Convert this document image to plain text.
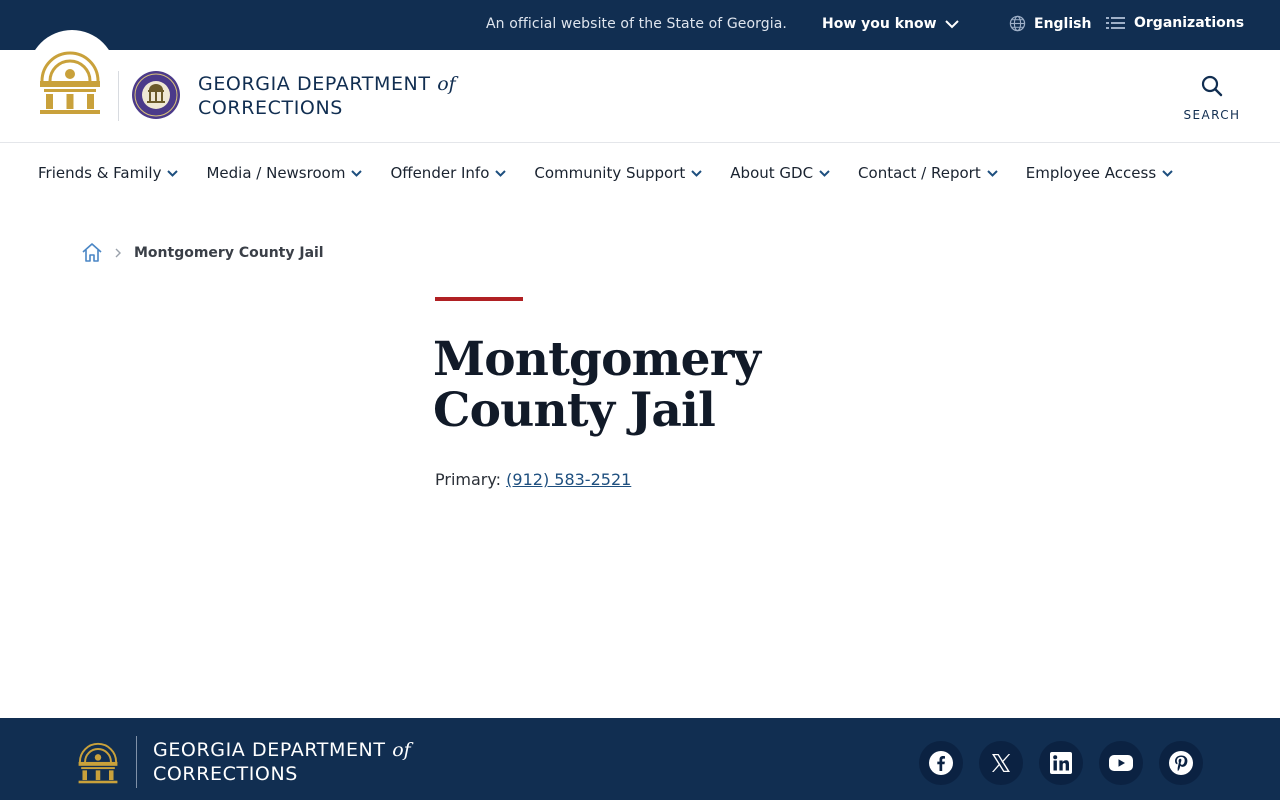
An official website of the State of Georgia.	How you know	English	Organizations
GEORGIA DEPARTMENT of
CORRECTIONS	SEARCH
Friends & Family	Media / Newsroom	Offender Info	Community Support	About GDC	Contact / Report	Employee Access
Montgomery County Jail
Montgomery County Jail
Primary: (912) 583-2521
GEORGIA DEPARTMENT of
CORRECTIONS
